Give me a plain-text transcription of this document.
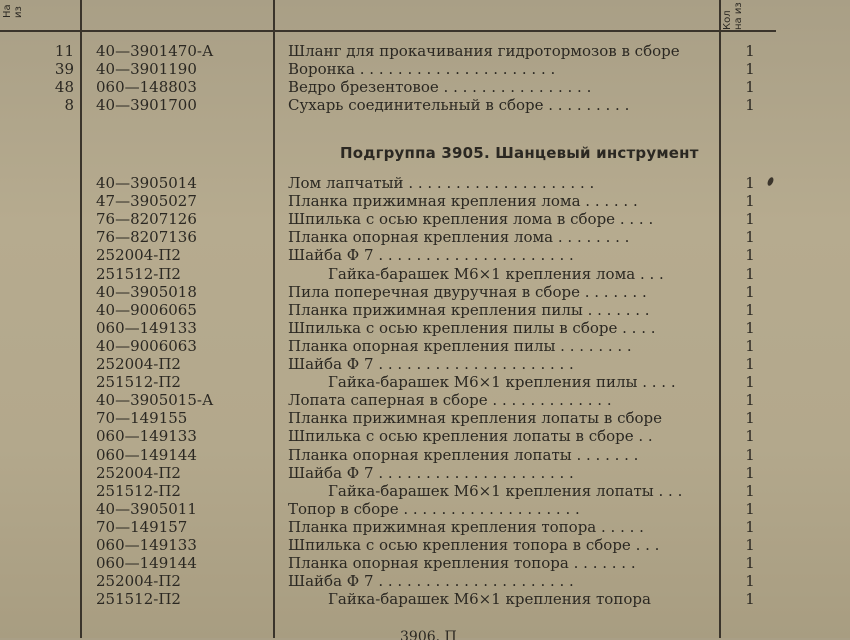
На из	Кол на из
11 40—3901470-А	Шланг для прокачивания гидротормозов в сборе	1
39 40—3901190	Воронка . . . . . . . . . . . . . . . . . . . . .	1
48 060—148803	Ведро брезентовое . . . . . . . . . . . . . . . .	1
8 40—3901700	Сухарь соединительный в сборе . . . . . . . . .	1
Подгруппа 3905. Шанцевый инструмент
40—3905014	Лом лапчатый . . . . . . . . . . . . . . . . . . . .	1
47—3905027	Планка прижимная крепления лома . . . . . .	1
76—8207126	Шпилька с осью крепления лома в сборе . . . .	1
76—8207136	Планка опорная крепления лома . . . . . . . .	1
252004-П2	Шайба Ф 7 . . . . . . . . . . . . . . . . . . . . .	1
251512-П2	Гайка-барашек М6×1 крепления лома . . .	1
40—3905018	Пила поперечная двуручная в сборе . . . . . . .	1
40—9006065	Планка прижимная крепления пилы . . . . . . .	1
060—149133	Шпилька с осью крепления пилы в сборе . . . .	1
40—9006063	Планка опорная крепления пилы . . . . . . . .	1
252004-П2	Шайба Ф 7 . . . . . . . . . . . . . . . . . . . . .	1
251512-П2	Гайка-барашек М6×1 крепления пилы . . . .	1
40—3905015-А	Лопата саперная в сборе . . . . . . . . . . . . .	1
70—149155	Планка прижимная крепления лопаты в сборе	1
060—149133	Шпилька с осью крепления лопаты в сборе . .	1
060—149144	Планка опорная крепления лопаты . . . . . . .	1
252004-П2	Шайба Ф 7 . . . . . . . . . . . . . . . . . . . . .	1
251512-П2	Гайка-барашек М6×1 крепления лопаты . . .	1
40—3905011	Топор в сборе . . . . . . . . . . . . . . . . . . .	1
70—149157	Планка прижимная крепления топора . . . . .	1
060—149133	Шпилька с осью крепления топора в сборе . . .	1
060—149144	Планка опорная крепления топора . . . . . . .	1
252004-П2	Шайба Ф 7 . . . . . . . . . . . . . . . . . . . . .	1
251512-П2	Гайка-барашек М6×1 крепления топора	1
3906. П
